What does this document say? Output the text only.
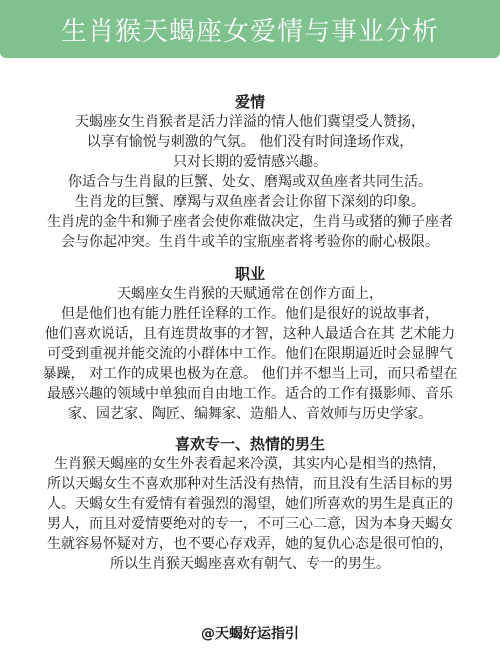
生肖猴天蝎座女爱情与事业分析
爱情
天蝎座女生肖猴者是活力洋溢的情人他们冀望受人赞扬，
以享有愉悦与刺激的气氛。 他们没有时间逢场作戏，
只对长期的爱情感兴趣。
你适合与生肖鼠的巨蟹、处女、磨羯或双鱼座者共同生活。
生肖龙的巨蟹、摩羯与双鱼座者会让你留下深刻的印象。
生肖虎的金牛和狮子座者会使你难做决定，生肖马或猪的狮子座者
会与你起冲突。生肖牛或羊的宝瓶座者将考验你的耐心极限。
职业
天蝎座女生肖猴的天赋通常在创作方面上，
但是他们也有能力胜任诠释的工作。他们是很好的说故事者，
他们喜欢说话，且有连贯故事的才智，这种人最适合在其 艺术能力
可受到重视并能交流的小群体中工作。他们在限期逼近时会显脾气
暴躁， 对工作的成果也极为在意。 他们并不想当上司，而只希望在
最感兴趣的领域中单独而自由地工作。适合的工作有摄影师、音乐
家、园艺家、陶匠、编舞家、造船人、音效师与历史学家。
喜欢专一、热情的男生
生肖猴天蝎座的女生外表看起来冷漠，其实内心是相当的热情，
所以天蝎女生不喜欢那种对生活没有热情，而且没有生活目标的男
人。天蝎女生有爱情有着强烈的渴望，她们所喜欢的男生是真正的
男人，而且对爱情要绝对的专一，不可三心二意，因为本身天蝎女
生就容易怀疑对方，也不要心存戏弄，她的复仇心态是很可怕的，
所以生肖猴天蝎座喜欢有朝气、专一的男生。
@天蝎好运指引
